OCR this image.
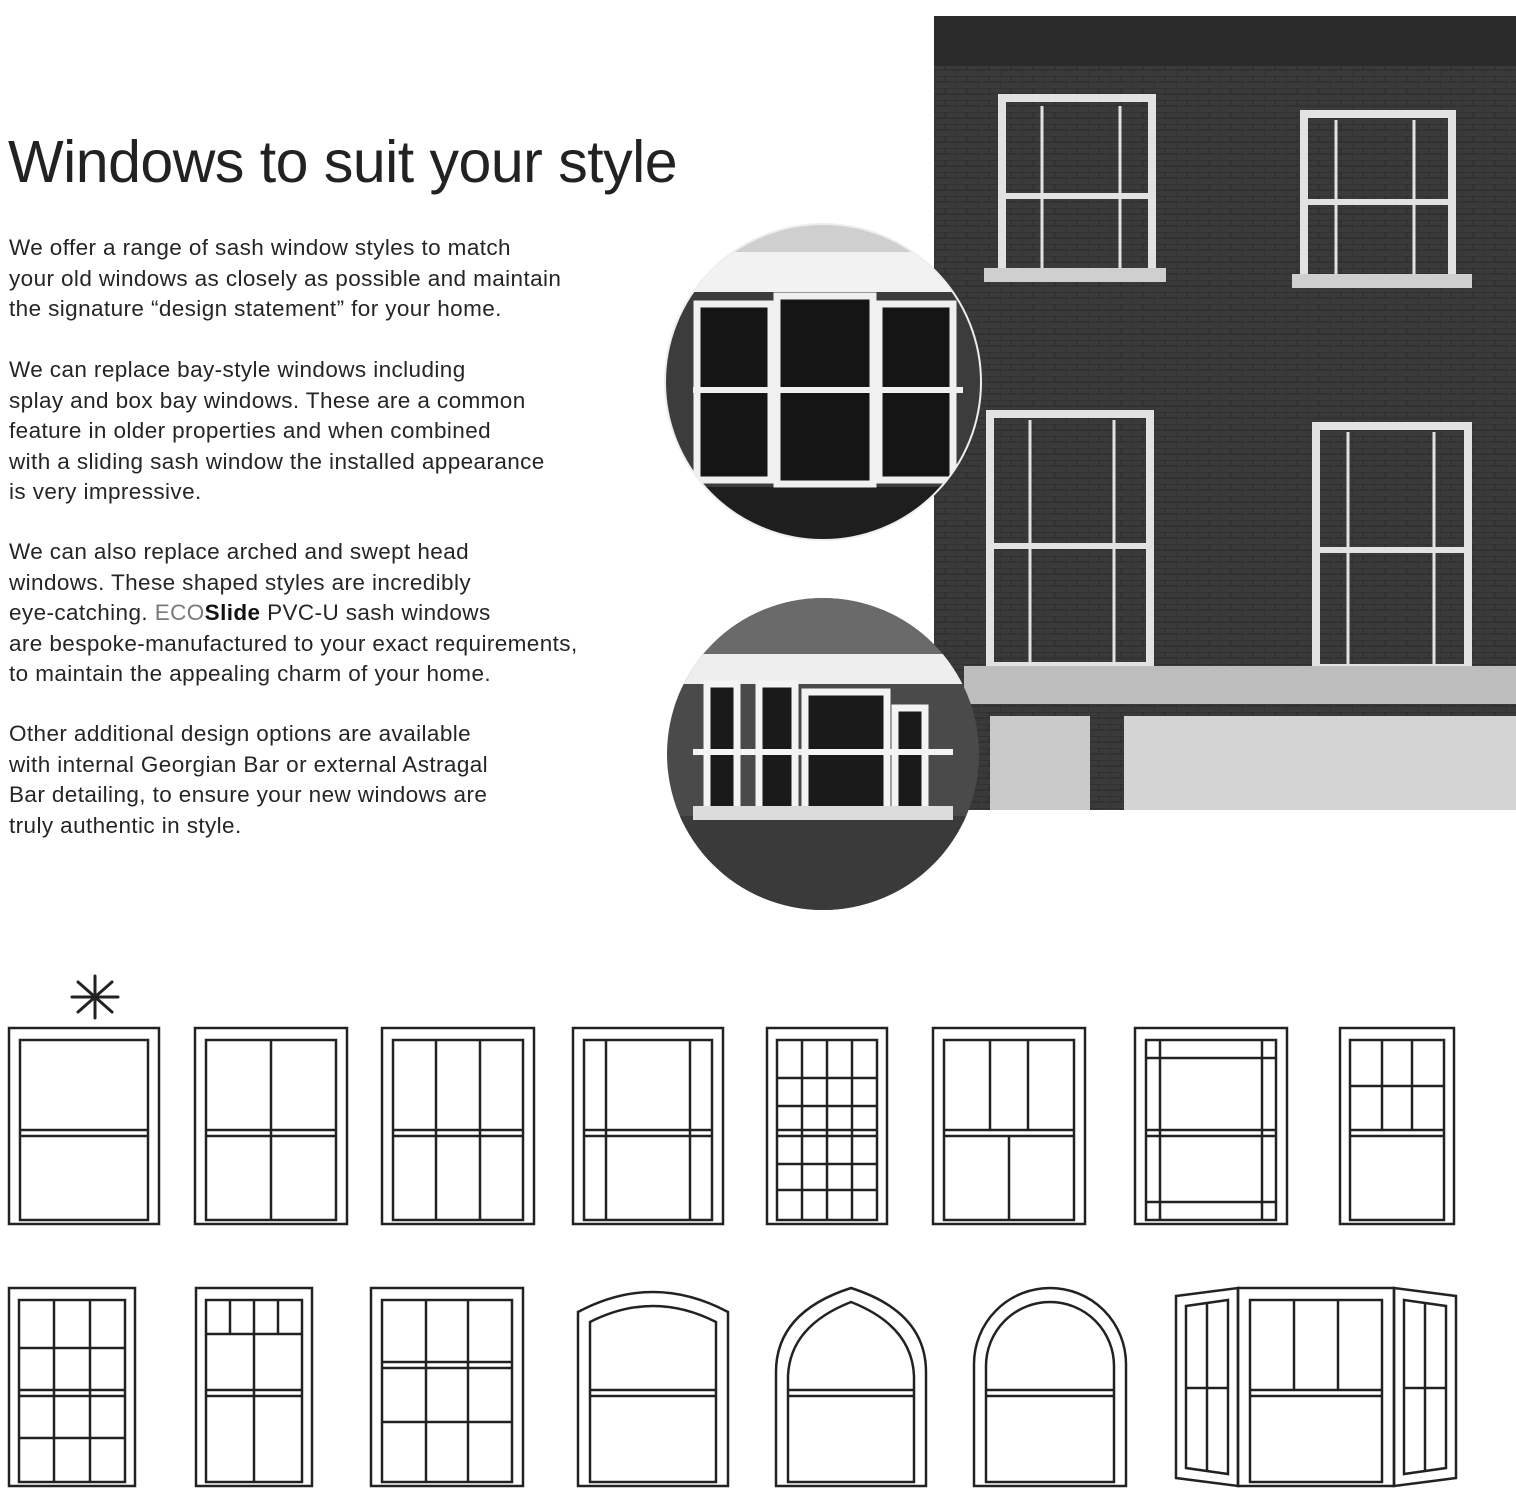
Windows to suit your style

We offer a range of sash window styles to match
your old windows as closely as possible and maintain
the signature “design statement” for your home.

We can replace bay-style windows including
splay and box bay windows. These are a common
feature in older properties and when combined
with a sliding sash window the installed appearance
is very impressive.

We can also replace arched and swept head
windows. These shaped styles are incredibly
eye-catching. ECOSlide PVC-U sash windows
are bespoke-manufactured to your exact requirements,
to maintain the appealing charm of your home.

Other additional design options are available
with internal Georgian Bar or external Astragal
Bar detailing, to ensure your new windows are
truly authentic in style.
